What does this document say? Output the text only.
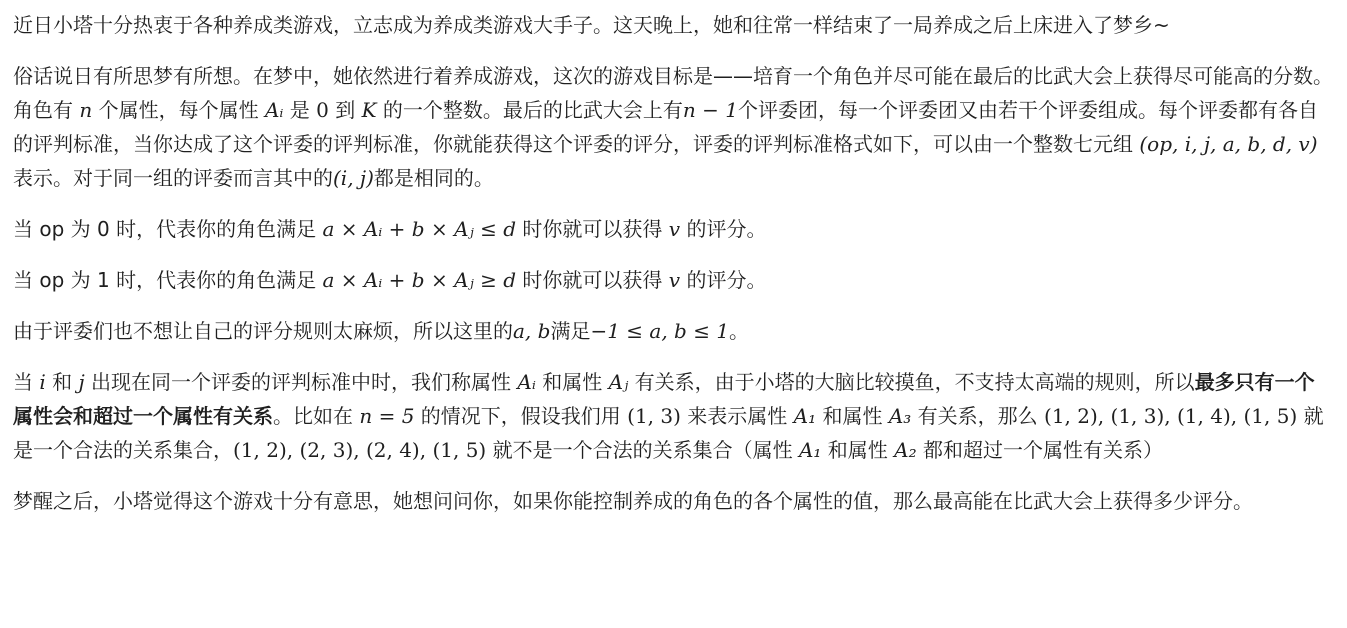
近日小塔十分热衷于各种养成类游戏，立志成为养成类游戏大手子。这天晚上，她和往常一样结束了一局养成之后上床进入了梦乡~

俗话说日有所思梦有所想。在梦中，她依然进行着养成游戏，这次的游戏目标是——培育一个角色并尽可能在最后的比武大会上获得尽可能高的分数。角色有 n 个属性，每个属性 Aᵢ 是 0 到 K 的一个整数。最后的比武大会上有n − 1个评委团，每一个评委团又由若干个评委组成。每个评委都有各自的评判标准，当你达成了这个评委的评判标准，你就能获得这个评委的评分，评委的评判标准格式如下，可以由一个整数七元组 (op, i, j, a, b, d, v) 表示。对于同一组的评委而言其中的(i, j)都是相同的。

当 op 为 0 时，代表你的角色满足 a × Aᵢ + b × Aⱼ ≤ d 时你就可以获得 v 的评分。

当 op 为 1 时，代表你的角色满足 a × Aᵢ + b × Aⱼ ≥ d 时你就可以获得 v 的评分。

由于评委们也不想让自己的评分规则太麻烦，所以这里的a, b满足−1 ≤ a, b ≤ 1。

当 i 和 j 出现在同一个评委的评判标准中时，我们称属性 Aᵢ 和属性 Aⱼ 有关系，由于小塔的大脑比较摸鱼，不支持太高端的规则，所以最多只有一个属性会和超过一个属性有关系。比如在 n = 5 的情况下，假设我们用 (1, 3) 来表示属性 A₁ 和属性 A₃ 有关系，那么 (1, 2), (1, 3), (1, 4), (1, 5) 就是一个合法的关系集合，(1, 2), (2, 3), (2, 4), (1, 5) 就不是一个合法的关系集合（属性 A₁ 和属性 A₂ 都和超过一个属性有关系）

梦醒之后，小塔觉得这个游戏十分有意思，她想问问你，如果你能控制养成的角色的各个属性的值，那么最高能在比武大会上获得多少评分。
